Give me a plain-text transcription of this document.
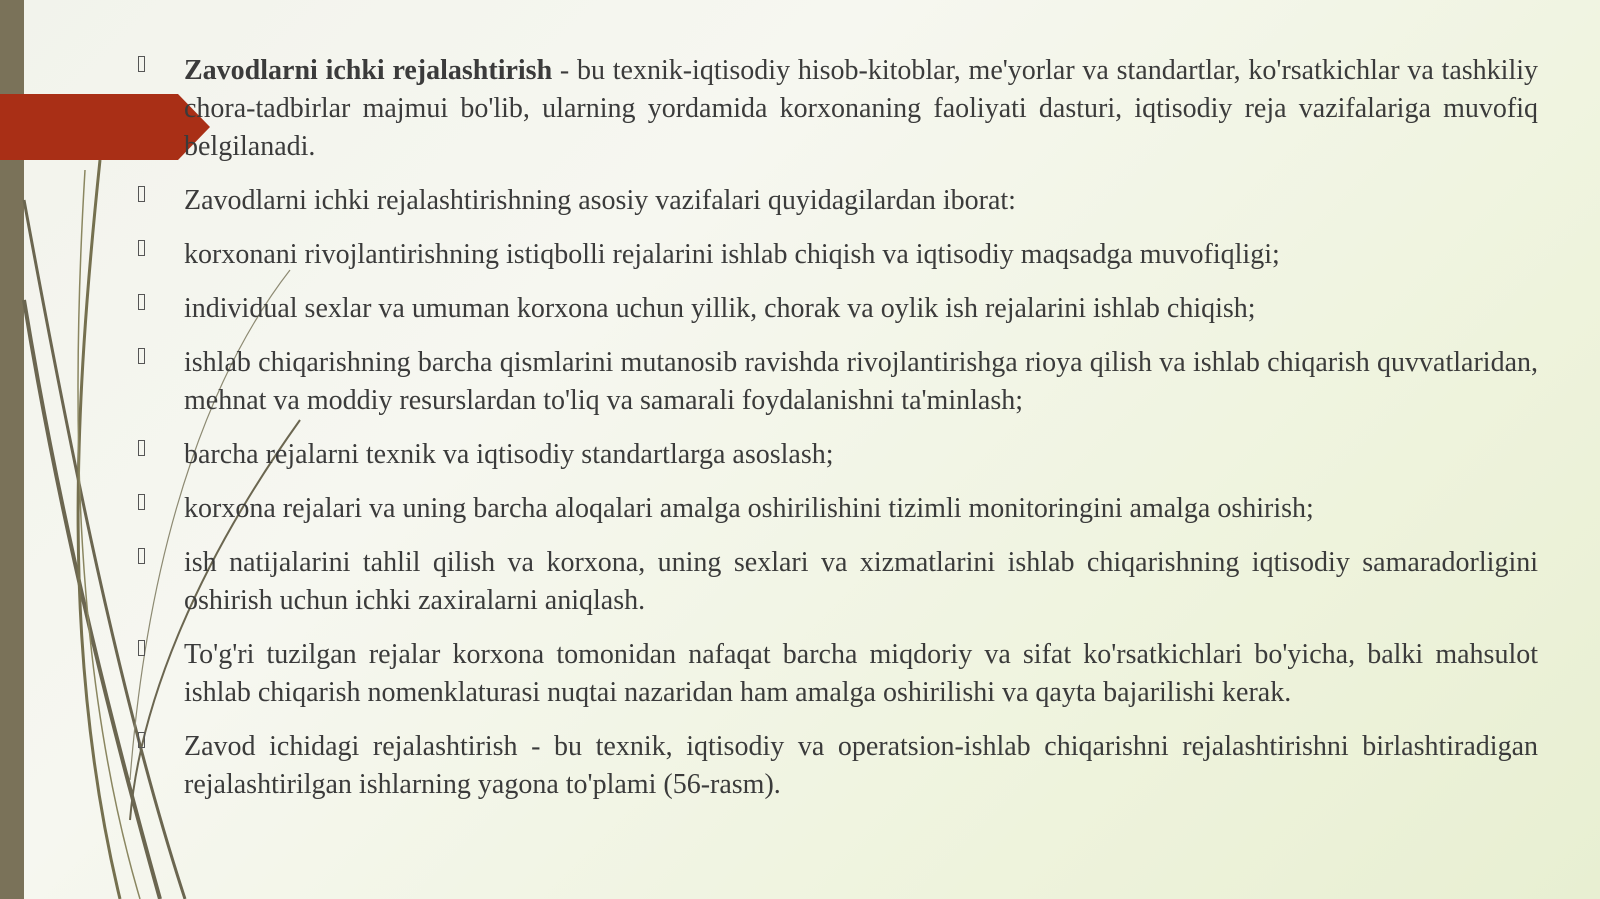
Zavodlarni ichki rejalashtirish - bu texnik-iqtisodiy hisob-kitoblar, me'yorlar va standartlar, ko'rsatkichlar va tashkiliy chora-tadbirlar majmui bo'lib, ularning yordamida korxonaning faoliyati dasturi, iqtisodiy reja vazifalariga muvofiq belgilanadi.
Zavodlarni ichki rejalashtirishning asosiy vazifalari quyidagilardan iborat:
korxonani rivojlantirishning istiqbolli rejalarini ishlab chiqish va iqtisodiy maqsadga muvofiqligi;
individual sexlar va umuman korxona uchun yillik, chorak va oylik ish rejalarini ishlab chiqish;
ishlab chiqarishning barcha qismlarini mutanosib ravishda rivojlantirishga rioya qilish va ishlab chiqarish quvvatlaridan, mehnat va moddiy resurslardan to'liq va samarali foydalanishni ta'minlash;
barcha rejalarni texnik va iqtisodiy standartlarga asoslash;
korxona rejalari va uning barcha aloqalari amalga oshirilishini tizimli monitoringini amalga oshirish;
ish natijalarini tahlil qilish va korxona, uning sexlari va xizmatlarini ishlab chiqarishning iqtisodiy samaradorligini oshirish uchun ichki zaxiralarni aniqlash.
To'g'ri tuzilgan rejalar korxona tomonidan nafaqat barcha miqdoriy va sifat ko'rsatkichlari bo'yicha, balki mahsulot ishlab chiqarish nomenklaturasi nuqtai nazaridan ham amalga oshirilishi va qayta bajarilishi kerak.
Zavod ichidagi rejalashtirish - bu texnik, iqtisodiy va operatsion-ishlab chiqarishni rejalashtirishni birlashtiradigan rejalashtirilgan ishlarning yagona to'plami (56-rasm).
